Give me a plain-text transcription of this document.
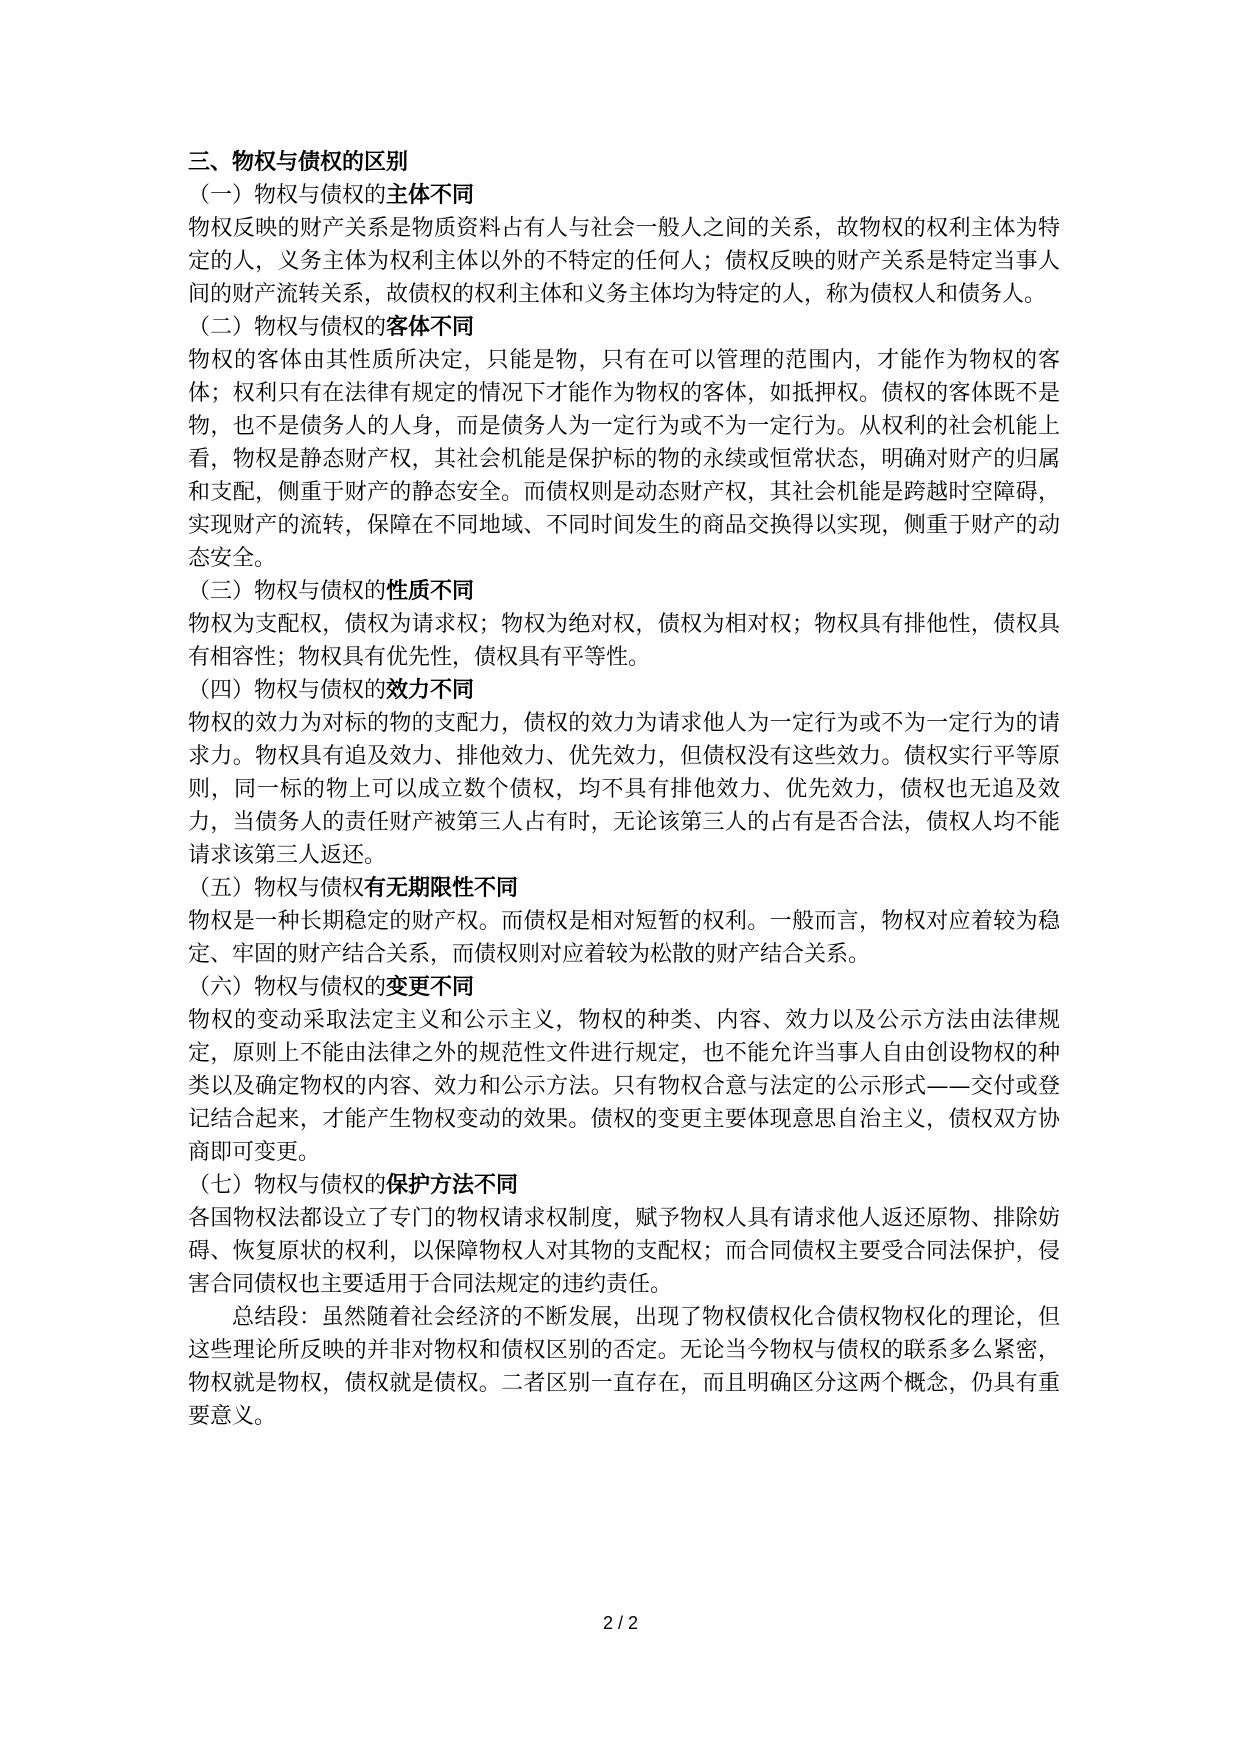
三、物权与债权的区别

（一）物权与债权的主体不同

物权反映的财产关系是物质资料占有人与社会一般人之间的关系，故物权的权利主体为特定的人，义务主体为权利主体以外的不特定的任何人；债权反映的财产关系是特定当事人间的财产流转关系，故债权的权利主体和义务主体均为特定的人，称为债权人和债务人。

（二）物权与债权的客体不同

物权的客体由其性质所决定，只能是物，只有在可以管理的范围内，才能作为物权的客体；权利只有在法律有规定的情况下才能作为物权的客体，如抵押权。债权的客体既不是物，也不是债务人的人身，而是债务人为一定行为或不为一定行为。从权利的社会机能上看，物权是静态财产权，其社会机能是保护标的物的永续或恒常状态，明确对财产的归属和支配，侧重于财产的静态安全。而债权则是动态财产权，其社会机能是跨越时空障碍，实现财产的流转，保障在不同地域、不同时间发生的商品交换得以实现，侧重于财产的动态安全。

（三）物权与债权的性质不同

物权为支配权，债权为请求权；物权为绝对权，债权为相对权；物权具有排他性，债权具有相容性；物权具有优先性，债权具有平等性。

（四）物权与债权的效力不同

物权的效力为对标的物的支配力，债权的效力为请求他人为一定行为或不为一定行为的请求力。物权具有追及效力、排他效力、优先效力，但债权没有这些效力。债权实行平等原则，同一标的物上可以成立数个债权，均不具有排他效力、优先效力，债权也无追及效力，当债务人的责任财产被第三人占有时，无论该第三人的占有是否合法，债权人均不能请求该第三人返还。

（五）物权与债权有无期限性不同

物权是一种长期稳定的财产权。而债权是相对短暂的权利。一般而言，物权对应着较为稳定、牢固的财产结合关系，而债权则对应着较为松散的财产结合关系。

（六）物权与债权的变更不同

物权的变动采取法定主义和公示主义，物权的种类、内容、效力以及公示方法由法律规定，原则上不能由法律之外的规范性文件进行规定，也不能允许当事人自由创设物权的种类以及确定物权的内容、效力和公示方法。只有物权合意与法定的公示形式——交付或登记结合起来，才能产生物权变动的效果。债权的变更主要体现意思自治主义，债权双方协商即可变更。

（七）物权与债权的保护方法不同

各国物权法都设立了专门的物权请求权制度，赋予物权人具有请求他人返还原物、排除妨碍、恢复原状的权利，以保障物权人对其物的支配权；而合同债权主要受合同法保护，侵害合同债权也主要适用于合同法规定的违约责任。

总结段：虽然随着社会经济的不断发展，出现了物权债权化合债权物权化的理论，但这些理论所反映的并非对物权和债权区别的否定。无论当今物权与债权的联系多么紧密，物权就是物权，债权就是债权。二者区别一直存在，而且明确区分这两个概念，仍具有重要意义。

2 / 2
